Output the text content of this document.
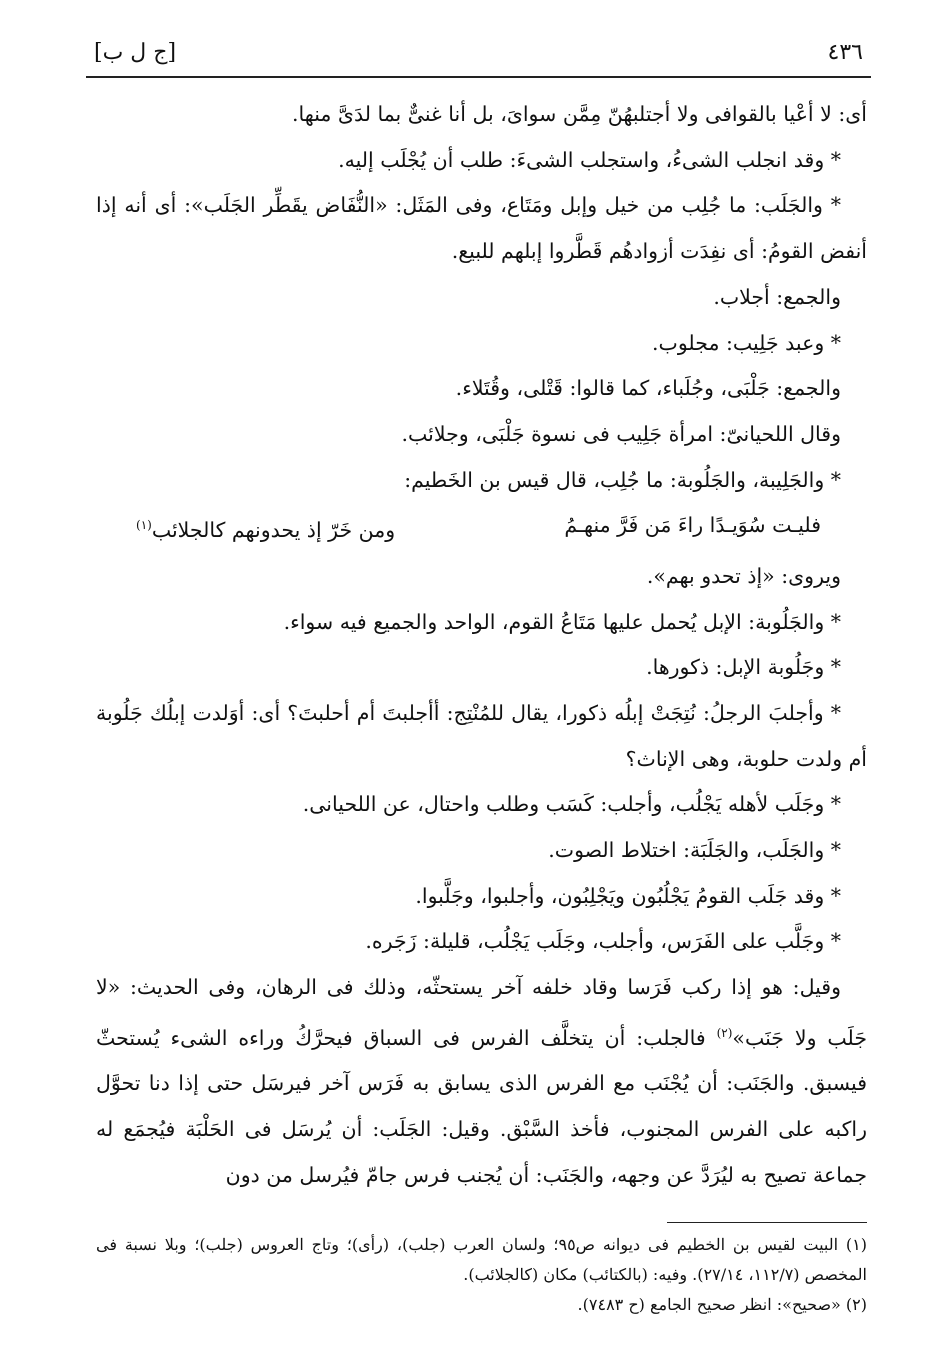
٤٣٦
[ج ل ب]

أى: لا أعْيا بالقوافى ولا أجتلبهُنّ مِمَّن سواىَ، بل أنا غنىٌّ بما لدَىَّ منها.

* وقد انجلب الشىءُ، واستجلب الشىءَ: طلب أن يُجْلَب إليه.

* والجَلَب: ما جُلِب من خيل وإبل ومَتَاع، وفى المَثَل: «النُّفَاض يقَطِّر الجَلَب»: أى أنه إذا أنفض القومُ: أى نفِدَت أزوادهُم قَطَّروا إبلهم للبيع.

والجمع: أجلاب.

* وعبد جَلِيب: مجلوب.

والجمع: جَلْبَى، وجُلَباء، كما قالوا: قَتْلى، وقُتَلاء.

وقال اللحيانىّ: امرأة جَلِيب فى نسوة جَلْبَى، وجلائب.

* والجَلِيبة، والجَلُوبة: ما جُلِب، قال قيس بن الخَطيم:

فليـت سُوَيـدًا راءَ مَن فَرَّ منهـمُ
ومن خَرّ إذ يحدونهم كالجلائب$^{(١)}$

ويروى: «إذ تحدو بهم».

* والجَلُوبة: الإبل يُحمل عليها مَتَاعُ القوم، الواحد والجميع فيه سواء.

* وجَلُوبة الإبل: ذكورها.

* وأجلبَ الرجلُ: نُتِجَتْ إبلُه ذكورا، يقال للمُنْتِج: أأجلبتَ أم أحلبتَ؟ أى: أوَلدت إبلُك جَلُوبة أم ولدت حلوبة، وهى الإناث؟

* وجَلَب لأهله يَجْلُب، وأجلب: كَسَب وطلب واحتال، عن اللحيانى.

* والجَلَب، والجَلَبَة: اختلاط الصوت.

* وقد جَلَب القومُ يَجْلُبُون ويَجْلِبُون، وأجلبوا، وجَلَّبوا.

* وجَلَّب على الفَرَس، وأجلب، وجَلَب يَجْلُب، قليلة: زَجَره.

وقيل: هو إذا ركب فَرَسا وقاد خلفه آخر يستحثّه، وذلك فى الرهان، وفى الحديث: «لا جَلَب ولا جَنَب»$^{(٢)}$ فالجلب: أن يتخلَّف الفرس فى السباق فيحرَّكُ وراءه الشىء يُستحثّ فيسبق. والجَنَب: أن يُجْنَب مع الفرس الذى يسابق به فَرَس آخر فيرسَل حتى إذا دنا تحوَّل راكبه على الفرس المجنوب، فأخذ السَّبْق. وقيل: الجَلَب: أن يُرسَل فى الحَلْبَة فيُجمَع له جماعة تصيح به ليُرَدَّ عن وجهه، والجَنَب: أن يُجنب فرس جامّ فيُرسل من دون

(١) البيت لقيس بن الخطيم فى ديوانه ص٩٥؛ ولسان العرب (جلب)، (رأى)؛ وتاج العروس (جلب)؛ وبلا نسبة فى المخصص (١١٢/٧، ٢٧/١٤). وفيه: (بالكتائب) مكان (كالجلائب).

(٢) «صحيح»: انظر صحيح الجامع (ح ٧٤٨٣).
